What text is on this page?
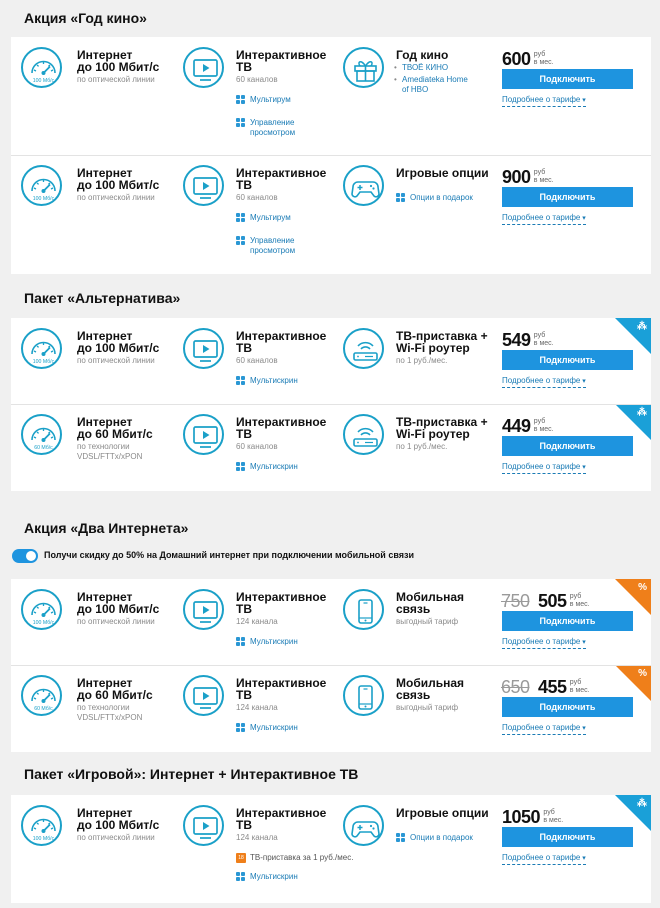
Акция «Год кино»
100 Мб/с
Интернет
до 100 Мбит/с
по оптической линии
Интерактивное
ТВ
60 каналов
Мультирум
Управление
просмотром
Год кино
• ТВОЁ КИНО
• Amediateka Home
of HBO
600 руб
в мес.
Подключить
Подробнее о тарифе ▾
100 Мб/с
Интернет
до 100 Мбит/с
по оптической линии
Интерактивное
ТВ
60 каналов
Мультирум
Управление
просмотром
Игровые опции
Опции в подарок
900 руб
в мес.
Подключить
Подробнее о тарифе ▾
Пакет «Альтернатива»
100 Мб/с
Интернет
до 100 Мбит/с
по оптической линии
Интерактивное
ТВ
60 каналов
Мультискрин
ТВ-приставка +
Wi-Fi роутер
по 1 руб./мес.
549 руб
в мес.
Подключить
Подробнее о тарифе ▾
⁂
60 Мб/с
Интернет
до 60 Мбит/с
по технологии
VDSL/FTTx/xPON
Интерактивное
ТВ
60 каналов
Мультискрин
ТВ-приставка +
Wi-Fi роутер
по 1 руб./мес.
449 руб
в мес.
Подключить
Подробнее о тарифе ▾
⁂
Акция «Два Интернета»
Получи скидку до 50% на Домашний интернет при подключении мобильной связи
100 Мб/с
Интернет
до 100 Мбит/с
по оптической линии
Интерактивное
ТВ
124 канала
Мультискрин
Мобильная
связь
выгодный тариф
750 505 руб
в мес.
Подключить
Подробнее о тарифе ▾
%
60 Мб/с
Интернет
до 60 Мбит/с
по технологии
VDSL/FTTx/xPON
Интерактивное
ТВ
124 канала
Мультискрин
Мобильная
связь
выгодный тариф
650 455 руб
в мес.
Подключить
Подробнее о тарифе ▾
%
Пакет «Игровой»: Интернет + Интерактивное ТВ
100 Мб/с
Интернет
до 100 Мбит/с
по оптической линии
Интерактивное
ТВ
124 канала
18 ТВ-приставка за 1 руб./мес.
Мультискрин
Игровые опции
Опции в подарок
1050 руб
в мес.
Подключить
Подробнее о тарифе ▾
⁂
